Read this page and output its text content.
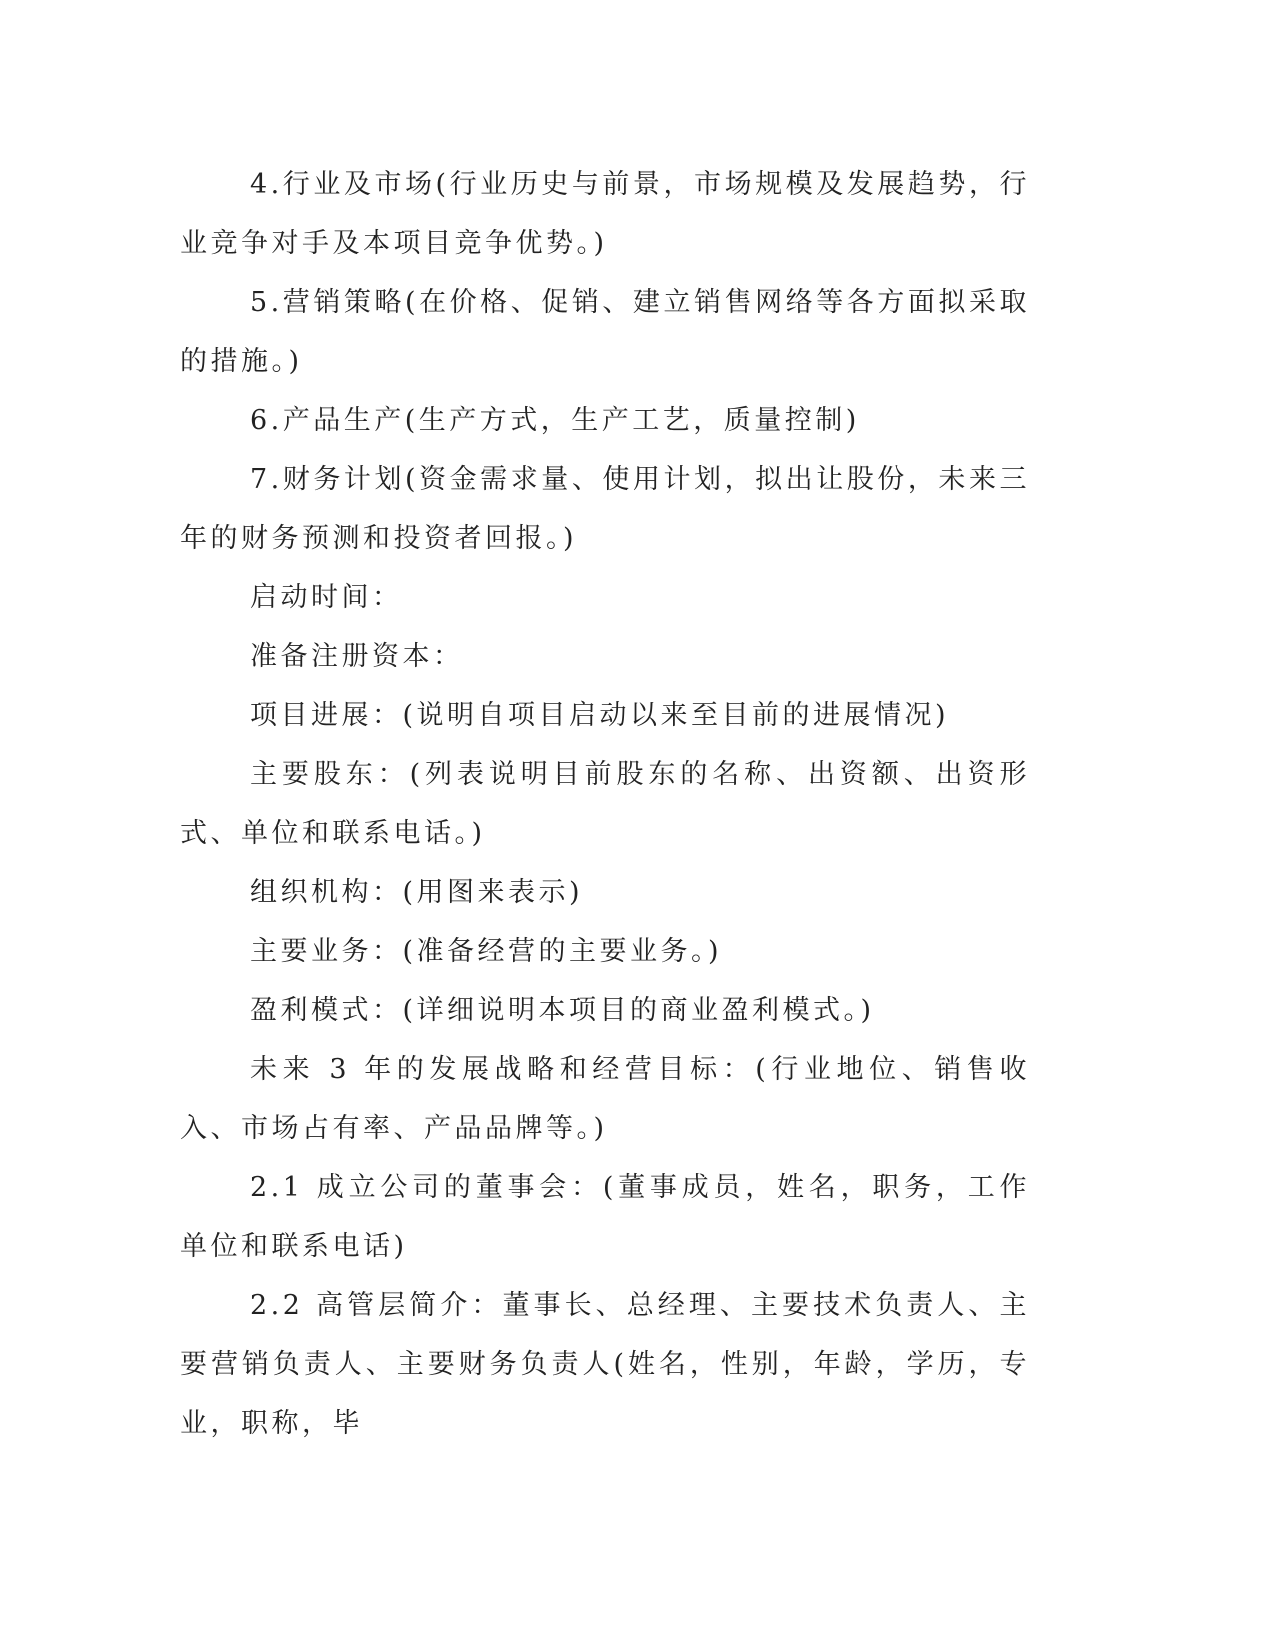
4.行业及市场(行业历史与前景，市场规模及发展趋势，行业竞争对手及本项目竞争优势。)

5.营销策略(在价格、促销、建立销售网络等各方面拟采取的措施。)

6.产品生产(生产方式，生产工艺，质量控制)

7.财务计划(资金需求量、使用计划，拟出让股份，未来三年的财务预测和投资者回报。)

启动时间：

准备注册资本：

项目进展：(说明自项目启动以来至目前的进展情况)

主要股东：(列表说明目前股东的名称、出资额、出资形式、单位和联系电话。)

组织机构：(用图来表示)

主要业务：(准备经营的主要业务。)

盈利模式：(详细说明本项目的商业盈利模式。)

未来 3 年的发展战略和经营目标：(行业地位、销售收入、市场占有率、产品品牌等。)

2.1 成立公司的董事会：(董事成员，姓名，职务，工作单位和联系电话)

2.2 高管层简介：董事长、总经理、主要技术负责人、主要营销负责人、主要财务负责人(姓名，性别，年龄，学历，专业，职称，毕
